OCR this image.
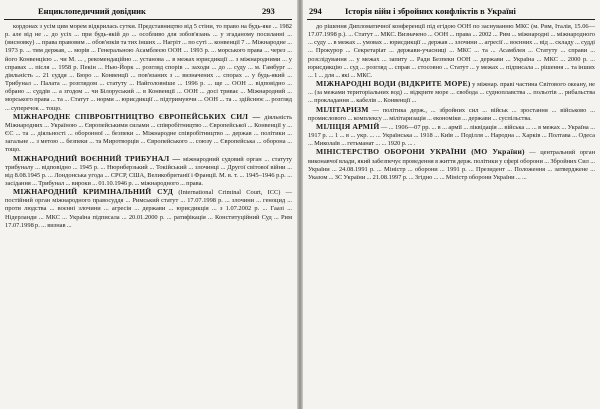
Енциклопедичний довідник	293

кордонах з усім цим морем відкрилась сутки. Представництво від 5 стіни, то право на будь-яке ... 1982 р. але від не ... до усіх ... при будь-якій до ... особливо для зобов'язань ... у згаданому посиланні ... (висновку) ... права правовим ... обов'язків та тих інших ... Нагріт ... по суті ... конвенції 7 ... Міжнародне ... 1973 р. ... тим держав, ... морів ... Генеральною Асамблеєю ООН ... 1993 р. ... морського права ... через ... його Конвенцією ... чи М. ... , рекомендаційно ... установа ... в межах юрисдикції ... з міжнародними ... у справах ... після ... 1958 р. Пекін ... Нью-Йорк ... розгляд спорів ... заходи ... до ... суду ... м. Гамбург ... діяльність ... 21 суддя ... Бюро ... Конвенції ... пов'язаних з ... визначених ... спорах ... у будь-який ... Трибунал ... Палата ... розглядом ... статуту ... Найголовніше ... 1996 р. ... ще ... ООН ... відповідно ... обрано ... суддів ... а згодом ... чи Білоруський ... в Конвенції ... ООН ... досі триває ... Міжнародний ... морського права ... та ... Статут ... норми ... юрисдикції ... підтримуючи ... ООН ... та ... здійснює ... розгляд ... суперечок ... тощо.

МІЖНАРОДНЕ СПІВРОБІТНИЦТВО ЄВРОПЕЙСЬКИХ СИЛ — діяльність Міжнародних ... Україною ... Європейськими силами ... співробітництво ... Європейської ... Конвенції у ... ЄС ... та ... діяльності ... оборонної ... безпеки ... Міжнародне співробітництво ... держав ... політики ... загальне ... з метою ... безпеки ... та Миротворців ... Європейського ... союзу ... Європейська ... оборона ... тощо.

МІЖНАРОДНИЙ ВОЄННИЙ ТРИБУНАЛ — міжнародний судовий орган ... статуту трибуналу ... відповідно ... 1945 р. ... Нюрнберзький ... Токійський ... злочинці ... Другої світової війни ... від 8.08.1945 р. ... Лондонська угода ... СРСР, США, Великобританії і Франції. М. в. т. ... 1945–1946 р.р. ... засідання ... Трибунал ... вироки ... 01.10.1946 р. ... міжнародного ... права.

МІЖНАРОДНИЙ КРИМІНАЛЬНИЙ СУД (International Criminal Court, ICC) — постійний орган міжнародного правосуддя ... Римський статут ... 17.07.1998 р. ... злочини ... геноцид ... проти людства ... воєнні злочини ... агресія ... держави ... юрисдикція ... з 1.07.2002 р. ... Гаазі ... Нідерланди ... МКС ... Україна підписала ... 20.01.2000 р. ... ратифікація ... Конституційний Суд ... Рим 17.07.1998 р. ... визнав ...

294	Історія війн і збройних конфліктів в Україні

до рішення Дипломатичної конференції під егідою ООН по заснуванню МКС (м. Рим, Італія, 15.06—17.07.1998 р.). ... Статут ... МКС. Визначено ... ООН ... права ... 2002 ... Рим ... міжнародні ... міжнародного ... суду ... в межах ... умовах ... юрисдикції ... держав ... злочини ... агресії ... воєнних ... від ... складу ... судді ... Прокурор ... Секретаріат ... держави-учасниці ... МКС ... та ... Асамблея ... Статуту ... справи ... розслідування ... у межах ... запиту ... Ради Безпеки ООН ... держави ... Україна ... МКС ... 2000 р. ... юрисдикцію ... суд ... розгляд ... справ ... стосовно ... Статут ... у межах ... підписала ... рішення ... та інших ... 1 ... для ... які ... МКС.

МІЖНАРОДНІ ВОДИ (ВІДКРИТЕ МОРЕ) у міжнар. праві частина Світового океану, не ... (за межами територіальних вод) ... відкрите море ... свобода ... судноплавства ... польотів ... рибальства ... прокладання ... кабелів ... Конвенції ...

МІЛІТАРИЗМ — політика держ., ... збройних сил ... військ ... зростання ... військово ... промислового ... комплексу ... мілітаризація ... економіки ... держави ... суспільства.

МІЛІЦІЯ АРМІЙ — ... 1906—07 рр. ... в ... армії ... ліквідація ... війська ... ... в межах ... Україна ... 1917 р. ... 1 ... в ... укр. ... ... Українська ... 1918 ... Київ ... Поділля ... Народна ... Харків ... Полтава ... Одеса ... Миколаїв ... гетьманат ... ... 1920 р. ... .

МІНІСТЕРСТВО ОБОРОНИ УКРАЇНИ (МО України) — центральний орган виконавчої влади, який забезпечує проведення в життя держ. політики у сфері оборони ... Збройних Сил ... України ... 24.08.1991 р. ... Міністр ... оборони ... 1991 р. ... Президент ... Положення ... затверджене ... Указом ... ЗС України ... 21.08.1997 р. ... Згідно ... ... Міністр оборони України ... ...
